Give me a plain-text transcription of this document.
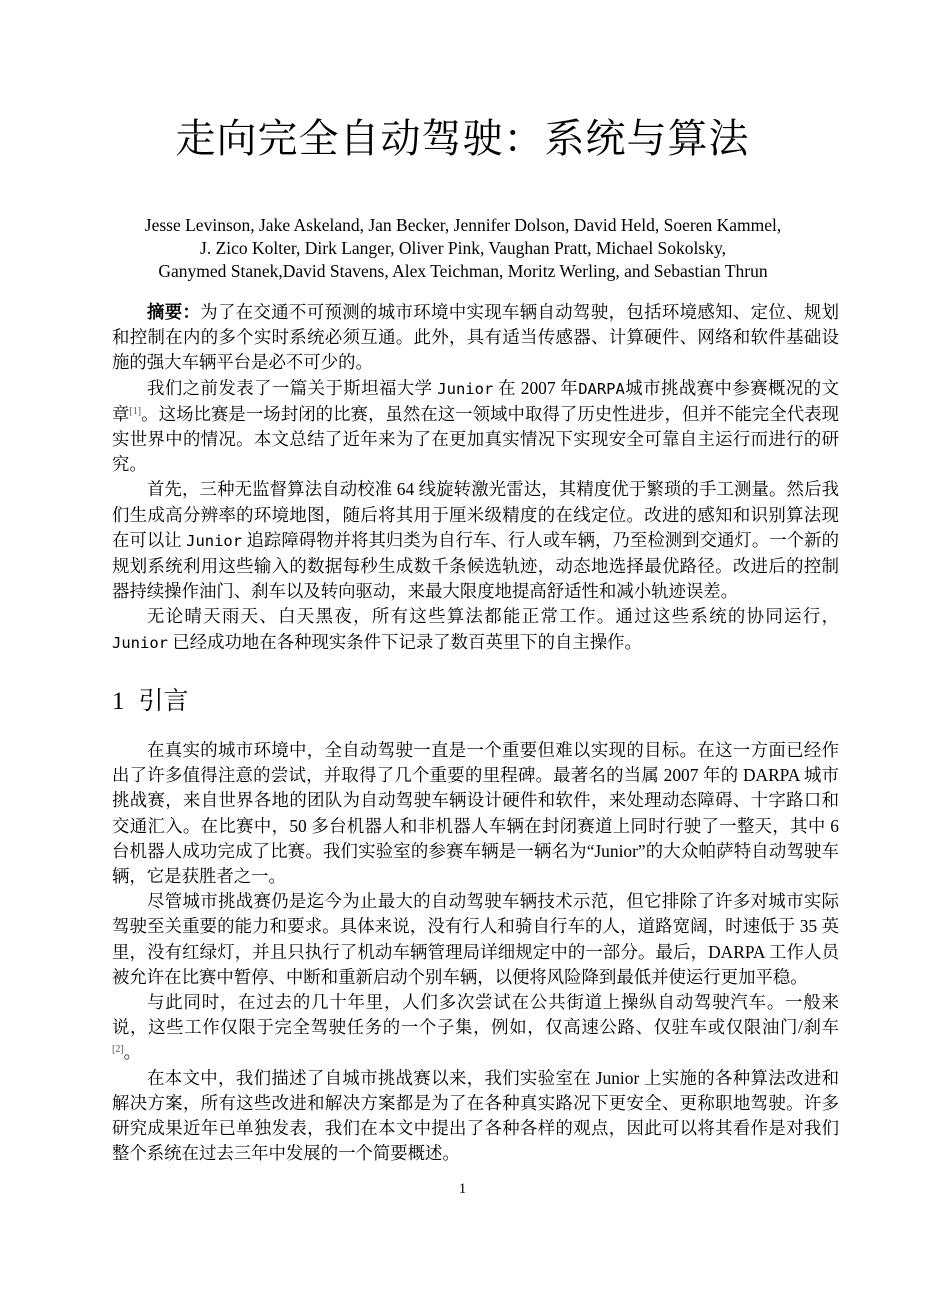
走向完全自动驾驶：系统与算法
Jesse Levinson, Jake Askeland, Jan Becker, Jennifer Dolson, David Held, Soeren Kammel,
J. Zico Kolter, Dirk Langer, Oliver Pink, Vaughan Pratt, Michael Sokolsky,
Ganymed Stanek,David Stavens, Alex Teichman, Moritz Werling, and Sebastian Thrun

摘要：为了在交通不可预测的城市环境中实现车辆自动驾驶，包括环境感知、定位、规划和控制在内的多个实时系统必须互通。此外，具有适当传感器、计算硬件、网络和软件基础设施的强大车辆平台是必不可少的。

我们之前发表了一篇关于斯坦福大学 Junior 在 2007 年DARPA城市挑战赛中参赛概况的文章[1]。这场比赛是一场封闭的比赛，虽然在这一领域中取得了历史性进步，但并不能完全代表现实世界中的情况。本文总结了近年来为了在更加真实情况下实现安全可靠自主运行而进行的研究。

首先，三种无监督算法自动校准 64 线旋转激光雷达，其精度优于繁琐的手工测量。然后我们生成高分辨率的环境地图，随后将其用于厘米级精度的在线定位。改进的感知和识别算法现在可以让 Junior 追踪障碍物并将其归类为自行车、行人或车辆，乃至检测到交通灯。一个新的规划系统利用这些输入的数据每秒生成数千条候选轨迹，动态地选择最优路径。改进后的控制器持续操作油门、刹车以及转向驱动，来最大限度地提高舒适性和减小轨迹误差。

无论晴天雨天、白天黑夜，所有这些算法都能正常工作。通过这些系统的协同运行，Junior 已经成功地在各种现实条件下记录了数百英里下的自主操作。

1 引言

在真实的城市环境中，全自动驾驶一直是一个重要但难以实现的目标。在这一方面已经作出了许多值得注意的尝试，并取得了几个重要的里程碑。最著名的当属 2007 年的 DARPA 城市挑战赛，来自世界各地的团队为自动驾驶车辆设计硬件和软件，来处理动态障碍、十字路口和交通汇入。在比赛中，50 多台机器人和非机器人车辆在封闭赛道上同时行驶了一整天，其中 6 台机器人成功完成了比赛。我们实验室的参赛车辆是一辆名为“Junior”的大众帕萨特自动驾驶车辆，它是获胜者之一。

尽管城市挑战赛仍是迄今为止最大的自动驾驶车辆技术示范，但它排除了许多对城市实际驾驶至关重要的能力和要求。具体来说，没有行人和骑自行车的人，道路宽阔，时速低于 35 英里，没有红绿灯，并且只执行了机动车辆管理局详细规定中的一部分。最后，DARPA 工作人员被允许在比赛中暂停、中断和重新启动个别车辆，以便将风险降到最低并使运行更加平稳。

与此同时，在过去的几十年里，人们多次尝试在公共街道上操纵自动驾驶汽车。一般来说，这些工作仅限于完全驾驶任务的一个子集，例如，仅高速公路、仅驻车或仅限油门/刹车[2]。

在本文中，我们描述了自城市挑战赛以来，我们实验室在 Junior 上实施的各种算法改进和解决方案，所有这些改进和解决方案都是为了在各种真实路况下更安全、更称职地驾驶。许多研究成果近年已单独发表，我们在本文中提出了各种各样的观点，因此可以将其看作是对我们整个系统在过去三年中发展的一个简要概述。

1
